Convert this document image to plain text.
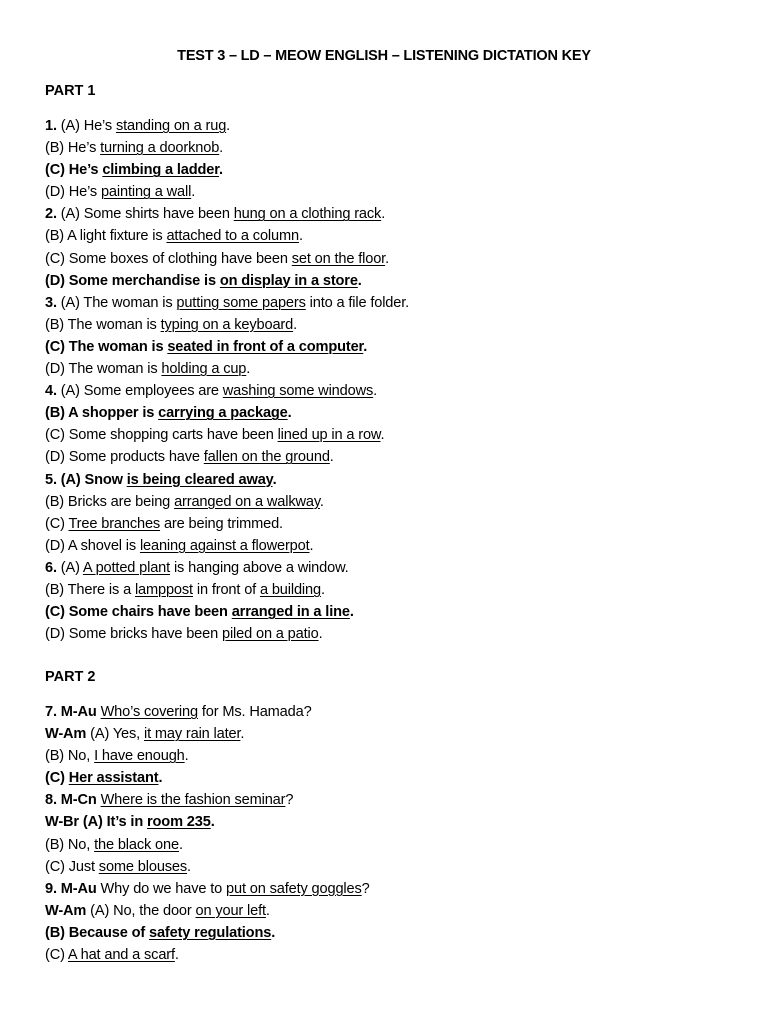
TEST 3 – LD – MEOW ENGLISH – LISTENING DICTATION KEY
PART 1
1. (A) He’s standing on a rug.
(B) He’s turning a doorknob.
(C) He’s climbing a ladder.
(D) He’s painting a wall.
2. (A) Some shirts have been hung on a clothing rack.
(B) A light fixture is attached to a column.
(C) Some boxes of clothing have been set on the floor.
(D) Some merchandise is on display in a store.
3. (A) The woman is putting some papers into a file folder.
(B) The woman is typing on a keyboard.
(C) The woman is seated in front of a computer.
(D) The woman is holding a cup.
4. (A) Some employees are washing some windows.
(B) A shopper is carrying a package.
(C) Some shopping carts have been lined up in a row.
(D) Some products have fallen on the ground.
5. (A) Snow is being cleared away.
(B) Bricks are being arranged on a walkway.
(C) Tree branches are being trimmed.
(D) A shovel is leaning against a flowerpot.
6. (A) A potted plant is hanging above a window.
(B) There is a lamppost in front of a building.
(C) Some chairs have been arranged in a line.
(D) Some bricks have been piled on a patio.
PART 2
7. M-Au Who’s covering for Ms. Hamada?
W-Am (A) Yes, it may rain later.
(B) No, I have enough.
(C) Her assistant.
8. M-Cn Where is the fashion seminar?
W-Br (A) It’s in room 235.
(B) No, the black one.
(C) Just some blouses.
9. M-Au Why do we have to put on safety goggles?
W-Am (A) No, the door on your left.
(B) Because of safety regulations.
(C) A hat and a scarf.
